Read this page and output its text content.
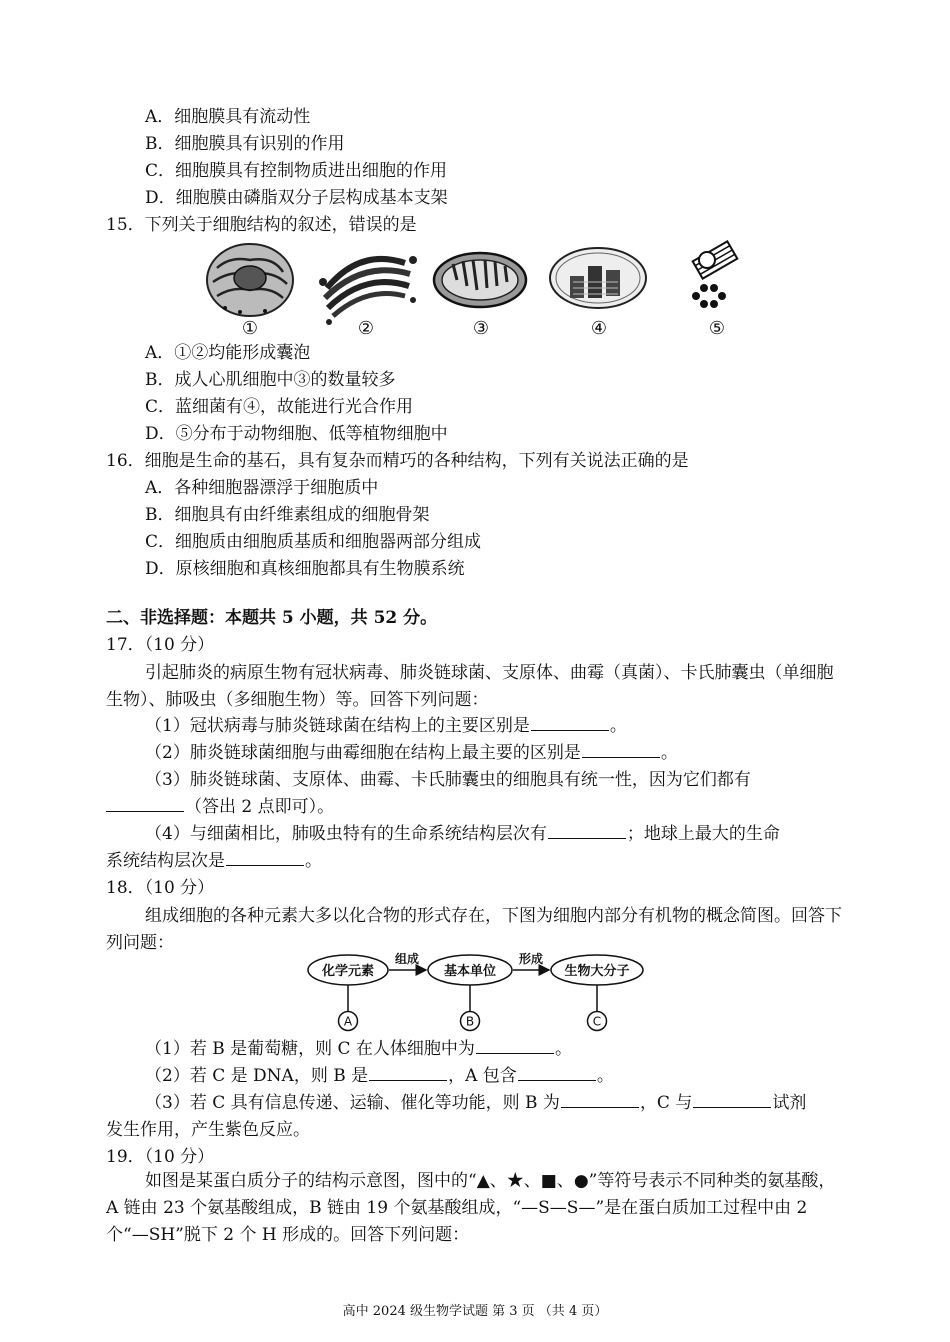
A．细胞膜具有流动性
B．细胞膜具有识别的作用
C．细胞膜具有控制物质进出细胞的作用
D．细胞膜由磷脂双分子层构成基本支架
15．下列关于细胞结构的叙述，错误的是
①	②	③	④	⑤
A．①②均能形成囊泡
B．成人心肌细胞中③的数量较多
C．蓝细菌有④，故能进行光合作用
D．⑤分布于动物细胞、低等植物细胞中
16．细胞是生命的基石，具有复杂而精巧的各种结构，下列有关说法正确的是
A．各种细胞器漂浮于细胞质中
B．细胞具有由纤维素组成的细胞骨架
C．细胞质由细胞质基质和细胞器两部分组成
D．原核细胞和真核细胞都具有生物膜系统
二、非选择题：本题共 5 小题，共 52 分。
17．（10 分）
引起肺炎的病原生物有冠状病毒、肺炎链球菌、支原体、曲霉（真菌）、卡氏肺囊虫（单细胞生物）、肺吸虫（多细胞生物）等。回答下列问题：
（1）冠状病毒与肺炎链球菌在结构上的主要区别是	。
（2）肺炎链球菌细胞与曲霉细胞在结构上最主要的区别是	。
（3）肺炎链球菌、支原体、曲霉、卡氏肺囊虫的细胞具有统一性，因为它们都有
（答出 2 点即可）。
（4）与细菌相比，肺吸虫特有的生命系统结构层次有	；地球上最大的生命
系统结构层次是	。
18．（10 分）
组成细胞的各种元素大多以化合物的形式存在，下图为细胞内部分有机物的概念简图。回答下列问题：
化学元素	基本单位	生物大分子
组成	形成
A	B	C
（1）若 B 是葡萄糖，则 C 在人体细胞中为	。
（2）若 C 是 DNA，则 B 是	，A 包含	。
（3）若 C 具有信息传递、运输、催化等功能，则 B 为	，C 与	试剂
发生作用，产生紫色反应。
19．（10 分）
如图是某蛋白质分子的结构示意图，图中的“▲、★、■、●”等符号表示不同种类的氨基酸，A 链由 23 个氨基酸组成，B 链由 19 个氨基酸组成，“—S—S—”是在蛋白质加工过程中由 2 个“—SH”脱下 2 个 H 形成的。回答下列问题：
高中 2024 级生物学试题 第 3 页 （共 4 页）
